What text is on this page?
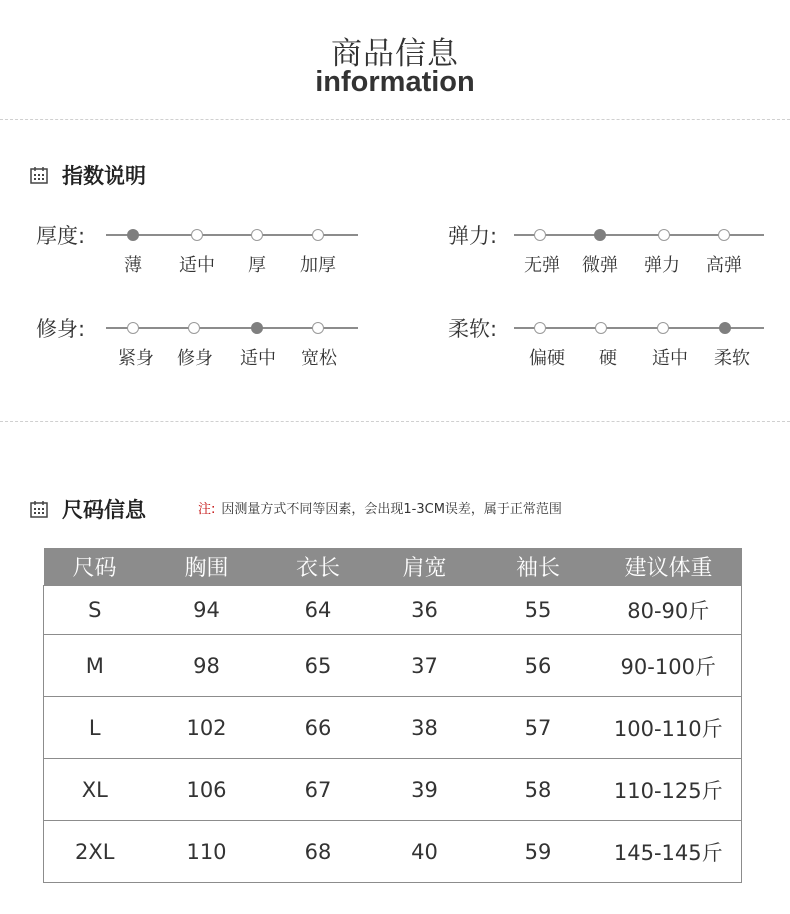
商品信息
information
指数说明
厚度:
薄 适中 厚 加厚
弹力:
无弹 微弹 弹力 高弹
修身:
紧身 修身 适中 宽松
柔软:
偏硬 硬 适中 柔软
尺码信息	注: 因测量方式不同等因素，会出现1-3CM误差，属于正常范围
尺码	胸围	衣长	肩宽	袖长	建议体重
S	94	64	36	55	80-90斤
M	98	65	37	56	90-100斤
L	102	66	38	57	100-110斤
XL	106	67	39	58	110-125斤
2XL	110	68	40	59	145-145斤
